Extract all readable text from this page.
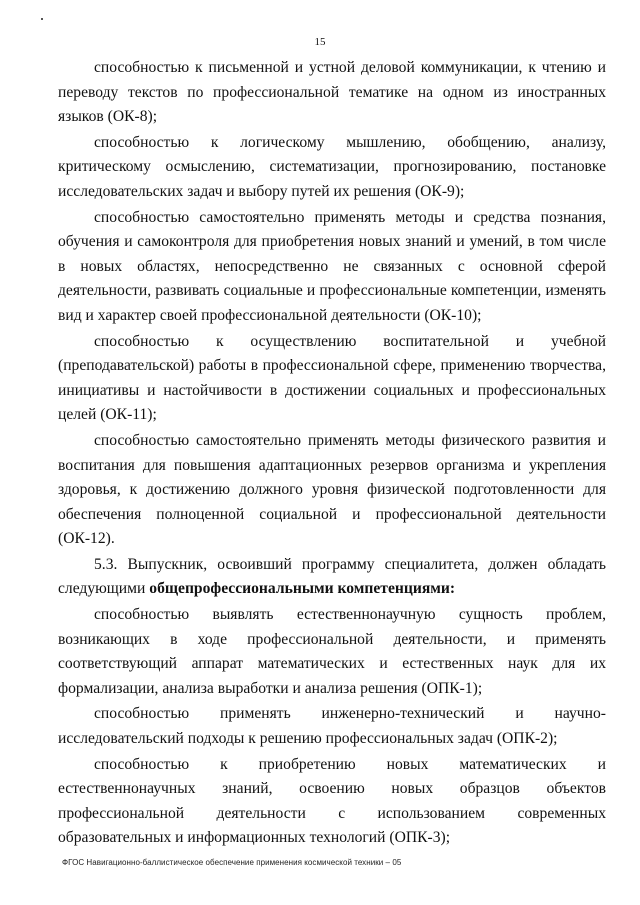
15

способностью к письменной и устной деловой коммуникации, к чтению и переводу текстов по профессиональной тематике на одном из иностранных языков (ОК-8);

способностью к логическому мышлению, обобщению, анализу, критическому осмыслению, систематизации, прогнозированию, постановке исследовательских задач и выбору путей их решения (ОК-9);

способностью самостоятельно применять методы и средства познания, обучения и самоконтроля для приобретения новых знаний и умений, в том числе в новых областях, непосредственно не связанных с основной сферой деятельности, развивать социальные и профессиональные компетенции, изменять вид и характер своей профессиональной деятельности (ОК-10);

способностью к осуществлению воспитательной и учебной (преподавательской) работы в профессиональной сфере, применению творчества, инициативы и настойчивости в достижении социальных и профессиональных целей (ОК-11);

способностью самостоятельно применять методы физического развития и воспитания для повышения адаптационных резервов организма и укрепления здоровья, к достижению должного уровня физической подготовленности для обеспечения полноценной социальной и профессиональной деятельности (ОК-12).

5.3. Выпускник, освоивший программу специалитета, должен обладать следующими общепрофессиональными компетенциями:

способностью выявлять естественнонаучную сущность проблем, возникающих в ходе профессиональной деятельности, и применять соответствующий аппарат математических и естественных наук для их формализации, анализа выработки и анализа решения (ОПК-1);

способностью применять инженерно-технический и научно-исследовательский подходы к решению профессиональных задач (ОПК-2);

способностью к приобретению новых математических и естественнонаучных знаний, освоению новых образцов объектов профессиональной деятельности с использованием современных образовательных и информационных технологий (ОПК-3);

ФГОС Навигационно-баллистическое обеспечение применения космической техники – 05
